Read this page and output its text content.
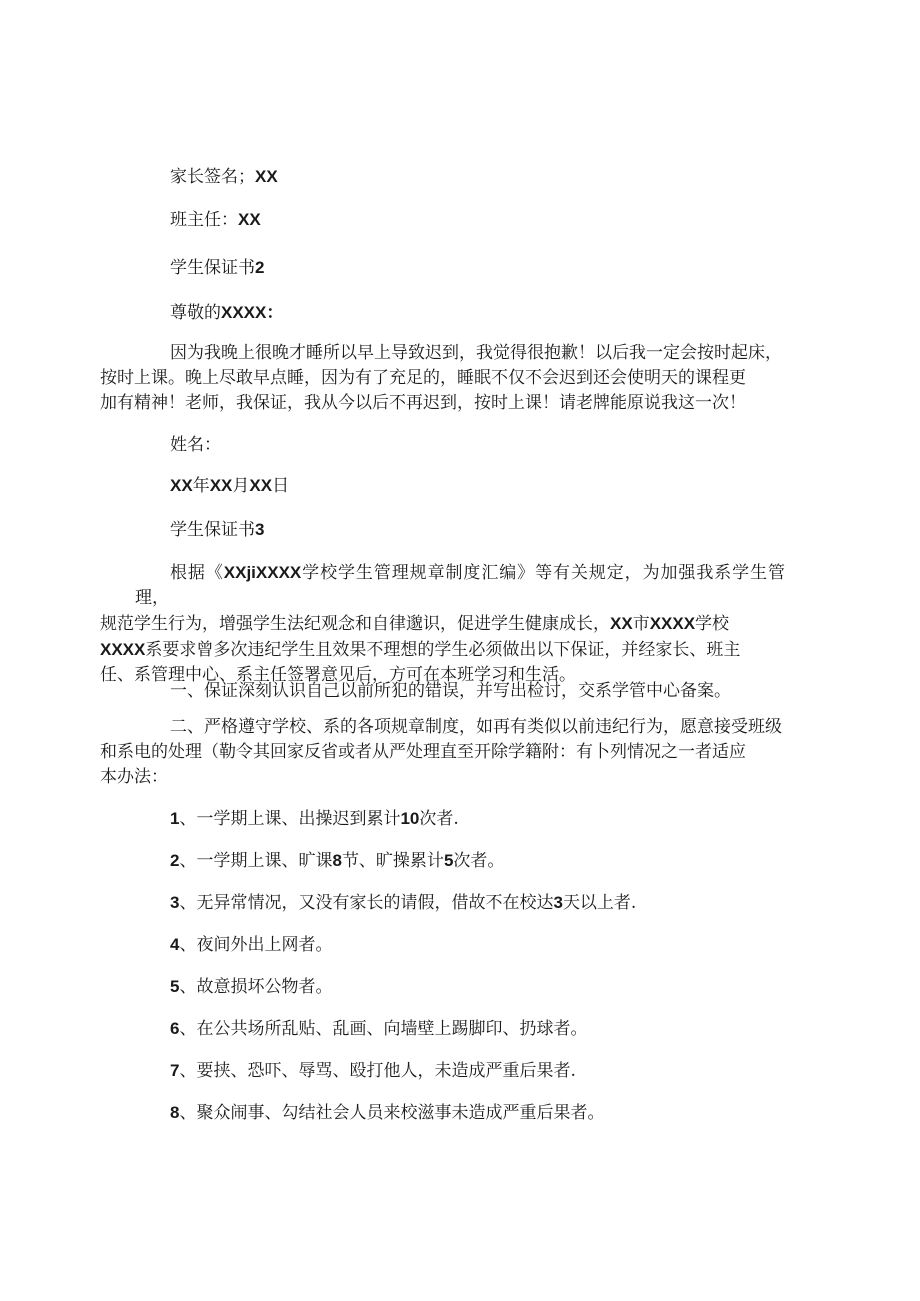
家长签名；XX
班主任：XX
学生保证书2
尊敬的XXXX：
因为我晚上很晚才睡所以早上导致迟到，我觉得很抱歉！以后我一定会按时起床，
按时上课。晚上尽敢早点睡，因为有了充足的，睡眠不仅不会迟到还会使明天的课程更
加有精神！老师，我保证，我从今以后不再迟到，按时上课！请老牌能原说我这一次！
姓名：
XX年XX月XX日
学生保证书3
根据《XXjiXXXX学校学生管理规章制度汇编》等有关规定，为加强我系学生管理，
规范学生行为，增强学生法纪观念和自律邈识，促进学生健康成长，XX市XXXX学校
XXXX系要求曾多次违纪学生且效果不理想的学生必须做出以下保证，并经家长、班主
任、系管理中心、系主任签署意见后，方可在本班学习和生活。
一、保证深刻认识自己以前所犯的错误，并写出检讨，交系学管中心备案。
二、严格遵守学校、系的各项规章制度，如再有类似以前违纪行为，愿意接受班级
和系电的处理（勒令其回家反省或者从严处理直至开除学籍附：有卜列情况之一者适应
本办法：
1、一学期上课、出操迟到累计10次者.
2、一学期上课、旷课8节、旷操累计5次者。
3、无异常情况，又没有家长的请假，借故不在校达3天以上者.
4、夜间外出上网者。
5、故意损坏公物者。
6、在公共场所乱贴、乱画、向墙壁上踢脚印、扔球者。
7、要挟、恐吓、辱骂、殴打他人，未造成严重后果者.
8、聚众闹事、勾结社会人员来校滋事未造成严重后果者。
